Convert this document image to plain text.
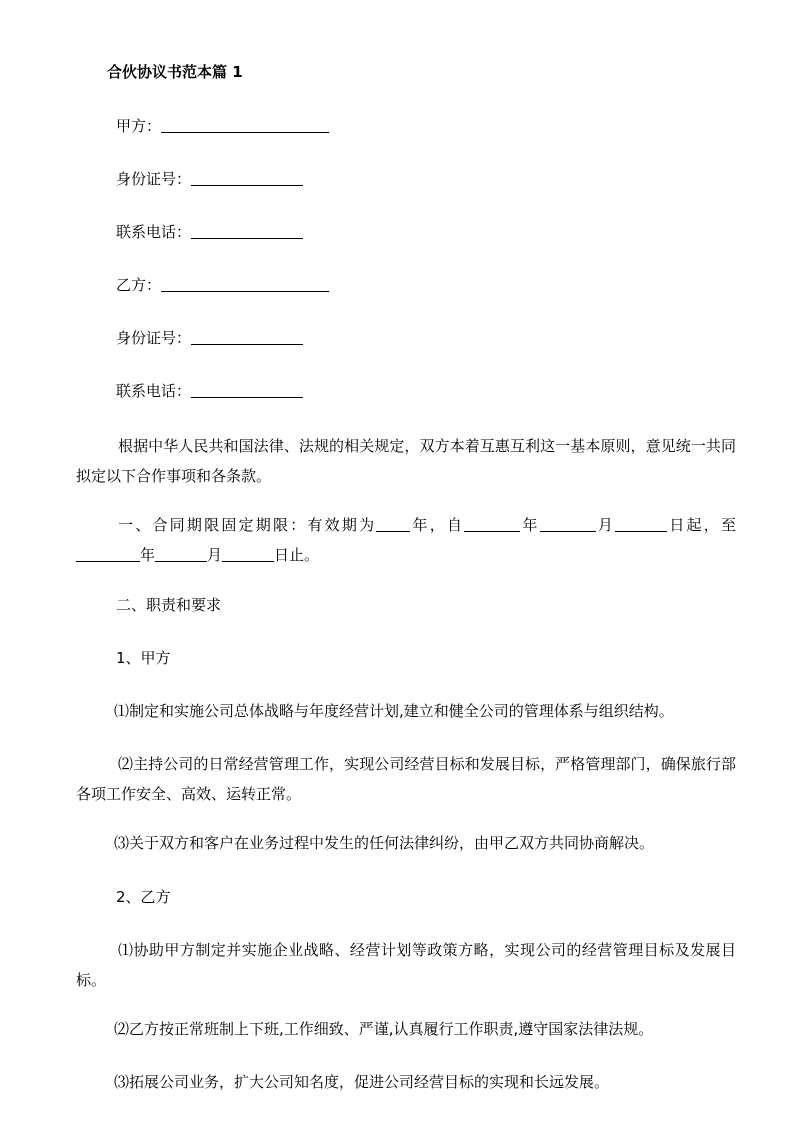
合伙协议书范本篇 1
甲方：
身份证号：
联系电话：
乙方：
身份证号：
联系电话：
根据中华人民共和国法律、法规的相关规定，双方本着互惠互利这一基本原则，意见统一共同拟定以下合作事项和各条款。
一、合同期限固定期限：有效期为 年，自	年	月	日起，至年	月	日止。
二、职责和要求
1、甲方
⑴制定和实施公司总体战略与年度经营计划,建立和健全公司的管理体系与组织结构。
⑵主持公司的日常经营管理工作，实现公司经营目标和发展目标，严格管理部门，确保旅行部各项工作安全、高效、运转正常。
⑶关于双方和客户在业务过程中发生的任何法律纠纷，由甲乙双方共同协商解决。
2、乙方
⑴协助甲方制定并实施企业战略、经营计划等政策方略，实现公司的经营管理目标及发展目标。
⑵乙方按正常班制上下班,工作细致、严谨,认真履行工作职责,遵守国家法律法规。
⑶拓展公司业务，扩大公司知名度，促进公司经营目标的实现和长远发展。
